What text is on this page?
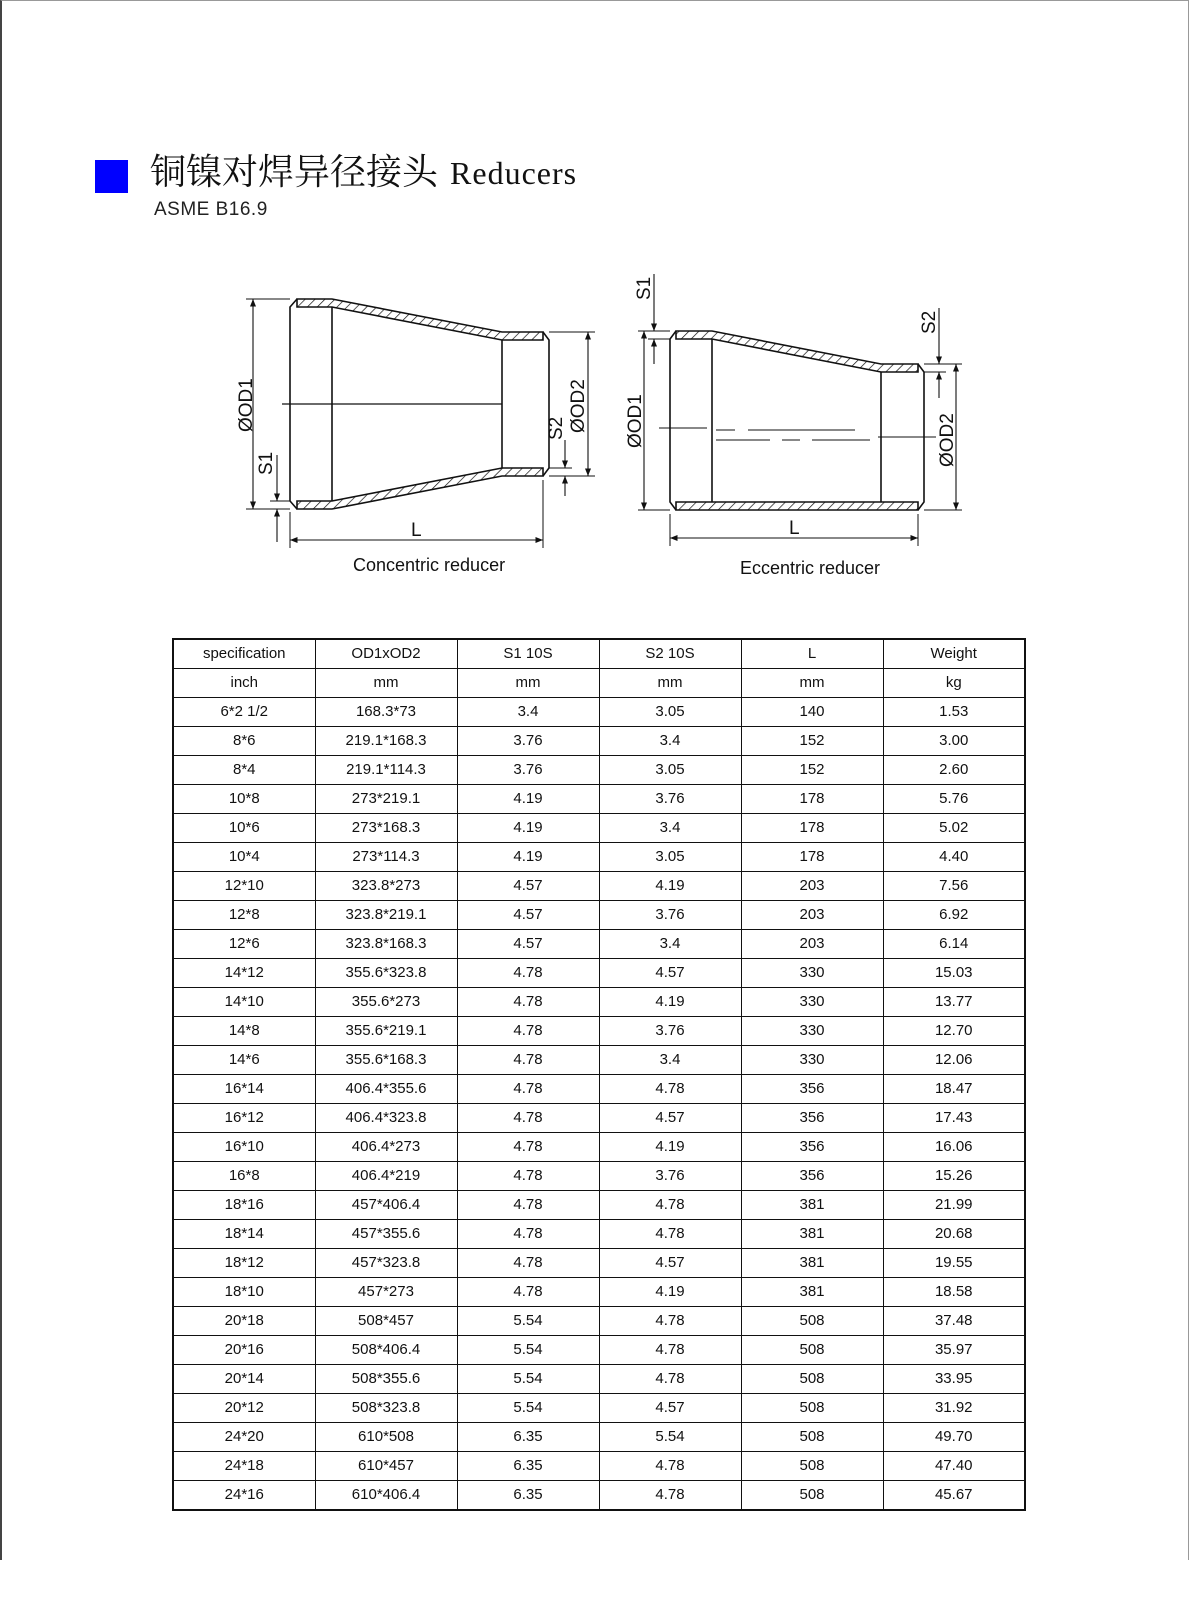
铜镍对焊异径接头 Reducers
ASME B16.9
ØOD1
S1
ØOD2
S2
L
ØOD1
S1
ØOD2
S2
L
Concentric reducer	Eccentric reducer
specification	OD1xOD2	S1 10S	S2 10S	L	Weight
inch	mm	mm	mm	mm	kg
6*2 1/2	168.3*73	3.4	3.05	140	1.53
8*6	219.1*168.3	3.76	3.4	152	3.00
8*4	219.1*114.3	3.76	3.05	152	2.60
10*8	273*219.1	4.19	3.76	178	5.76
10*6	273*168.3	4.19	3.4	178	5.02
10*4	273*114.3	4.19	3.05	178	4.40
12*10	323.8*273	4.57	4.19	203	7.56
12*8	323.8*219.1	4.57	3.76	203	6.92
12*6	323.8*168.3	4.57	3.4	203	6.14
14*12	355.6*323.8	4.78	4.57	330	15.03
14*10	355.6*273	4.78	4.19	330	13.77
14*8	355.6*219.1	4.78	3.76	330	12.70
14*6	355.6*168.3	4.78	3.4	330	12.06
16*14	406.4*355.6	4.78	4.78	356	18.47
16*12	406.4*323.8	4.78	4.57	356	17.43
16*10	406.4*273	4.78	4.19	356	16.06
16*8	406.4*219	4.78	3.76	356	15.26
18*16	457*406.4	4.78	4.78	381	21.99
18*14	457*355.6	4.78	4.78	381	20.68
18*12	457*323.8	4.78	4.57	381	19.55
18*10	457*273	4.78	4.19	381	18.58
20*18	508*457	5.54	4.78	508	37.48
20*16	508*406.4	5.54	4.78	508	35.97
20*14	508*355.6	5.54	4.78	508	33.95
20*12	508*323.8	5.54	4.57	508	31.92
24*20	610*508	6.35	5.54	508	49.70
24*18	610*457	6.35	4.78	508	47.40
24*16	610*406.4	6.35	4.78	508	45.67
